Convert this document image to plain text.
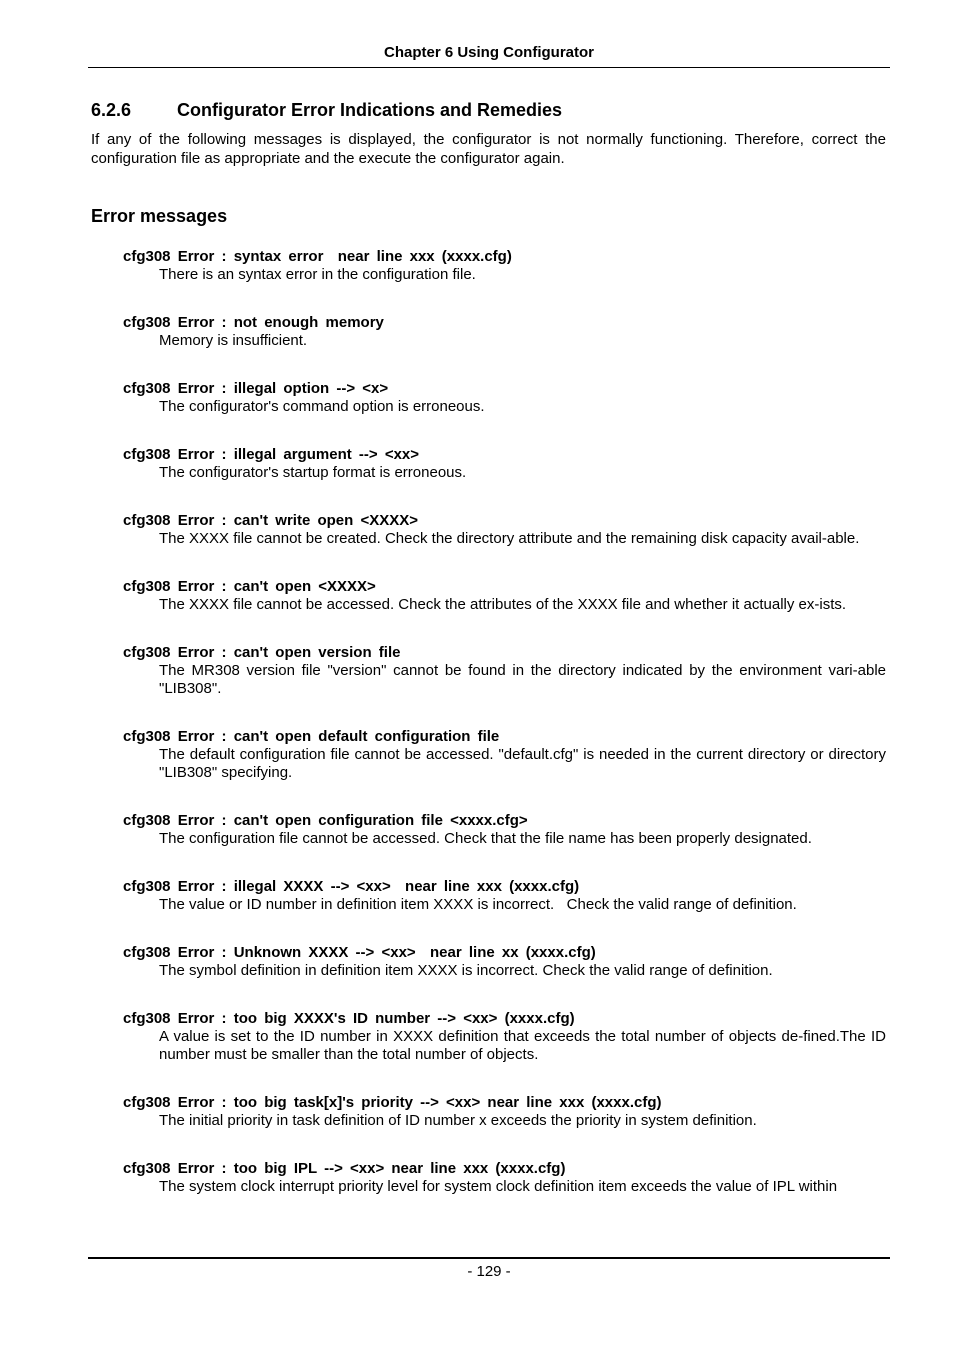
Chapter 6 Using Configurator
6.2.6	Configurator Error Indications and Remedies
If any of the following messages is displayed, the configurator is not normally functioning. Therefore, correct the configuration file as appropriate and the execute the configurator again.
Error messages
cfg308 Error : syntax error  near line xxx (xxxx.cfg)
There is an syntax error in the configuration file.
cfg308 Error : not enough memory
Memory is insufficient.
cfg308 Error : illegal option --> <x>
The configurator's command option is erroneous.
cfg308 Error : illegal argument --> <xx>
The configurator's startup format is erroneous.
cfg308 Error : can't write open <XXXX>
The XXXX file cannot be created. Check the directory attribute and the remaining disk capacity avail-able.
cfg308 Error : can't open <XXXX>
The XXXX file cannot be accessed. Check the attributes of the XXXX file and whether it actually ex-ists.
cfg308 Error : can't open version file
The MR308 version file "version" cannot be found in the directory indicated by the environment vari-able "LIB308".
cfg308 Error : can't open default configuration file
The default configuration file cannot be accessed. "default.cfg" is needed in the current directory or directory "LIB308" specifying.
cfg308 Error : can't open configuration file <xxxx.cfg>
The configuration file cannot be accessed. Check that the file name has been properly designated.
cfg308 Error : illegal XXXX --> <xx>  near line xxx (xxxx.cfg)
The value or ID number in definition item XXXX is incorrect.   Check the valid range of definition.
cfg308 Error : Unknown XXXX --> <xx>  near line xx (xxxx.cfg)
The symbol definition in definition item XXXX is incorrect. Check the valid range of definition.
cfg308 Error : too big XXXX's ID number --> <xx> (xxxx.cfg)
A value is set to the ID number in XXXX definition that exceeds the total number of objects de-fined.The ID number must be smaller than the total number of objects.
cfg308 Error : too big task[x]'s priority --> <xx> near line xxx (xxxx.cfg)
The initial priority in task definition of ID number x exceeds the priority in system definition.
cfg308 Error : too big IPL --> <xx> near line xxx (xxxx.cfg)
The system clock interrupt priority level for system clock definition item exceeds the value of IPL within
- 129 -
